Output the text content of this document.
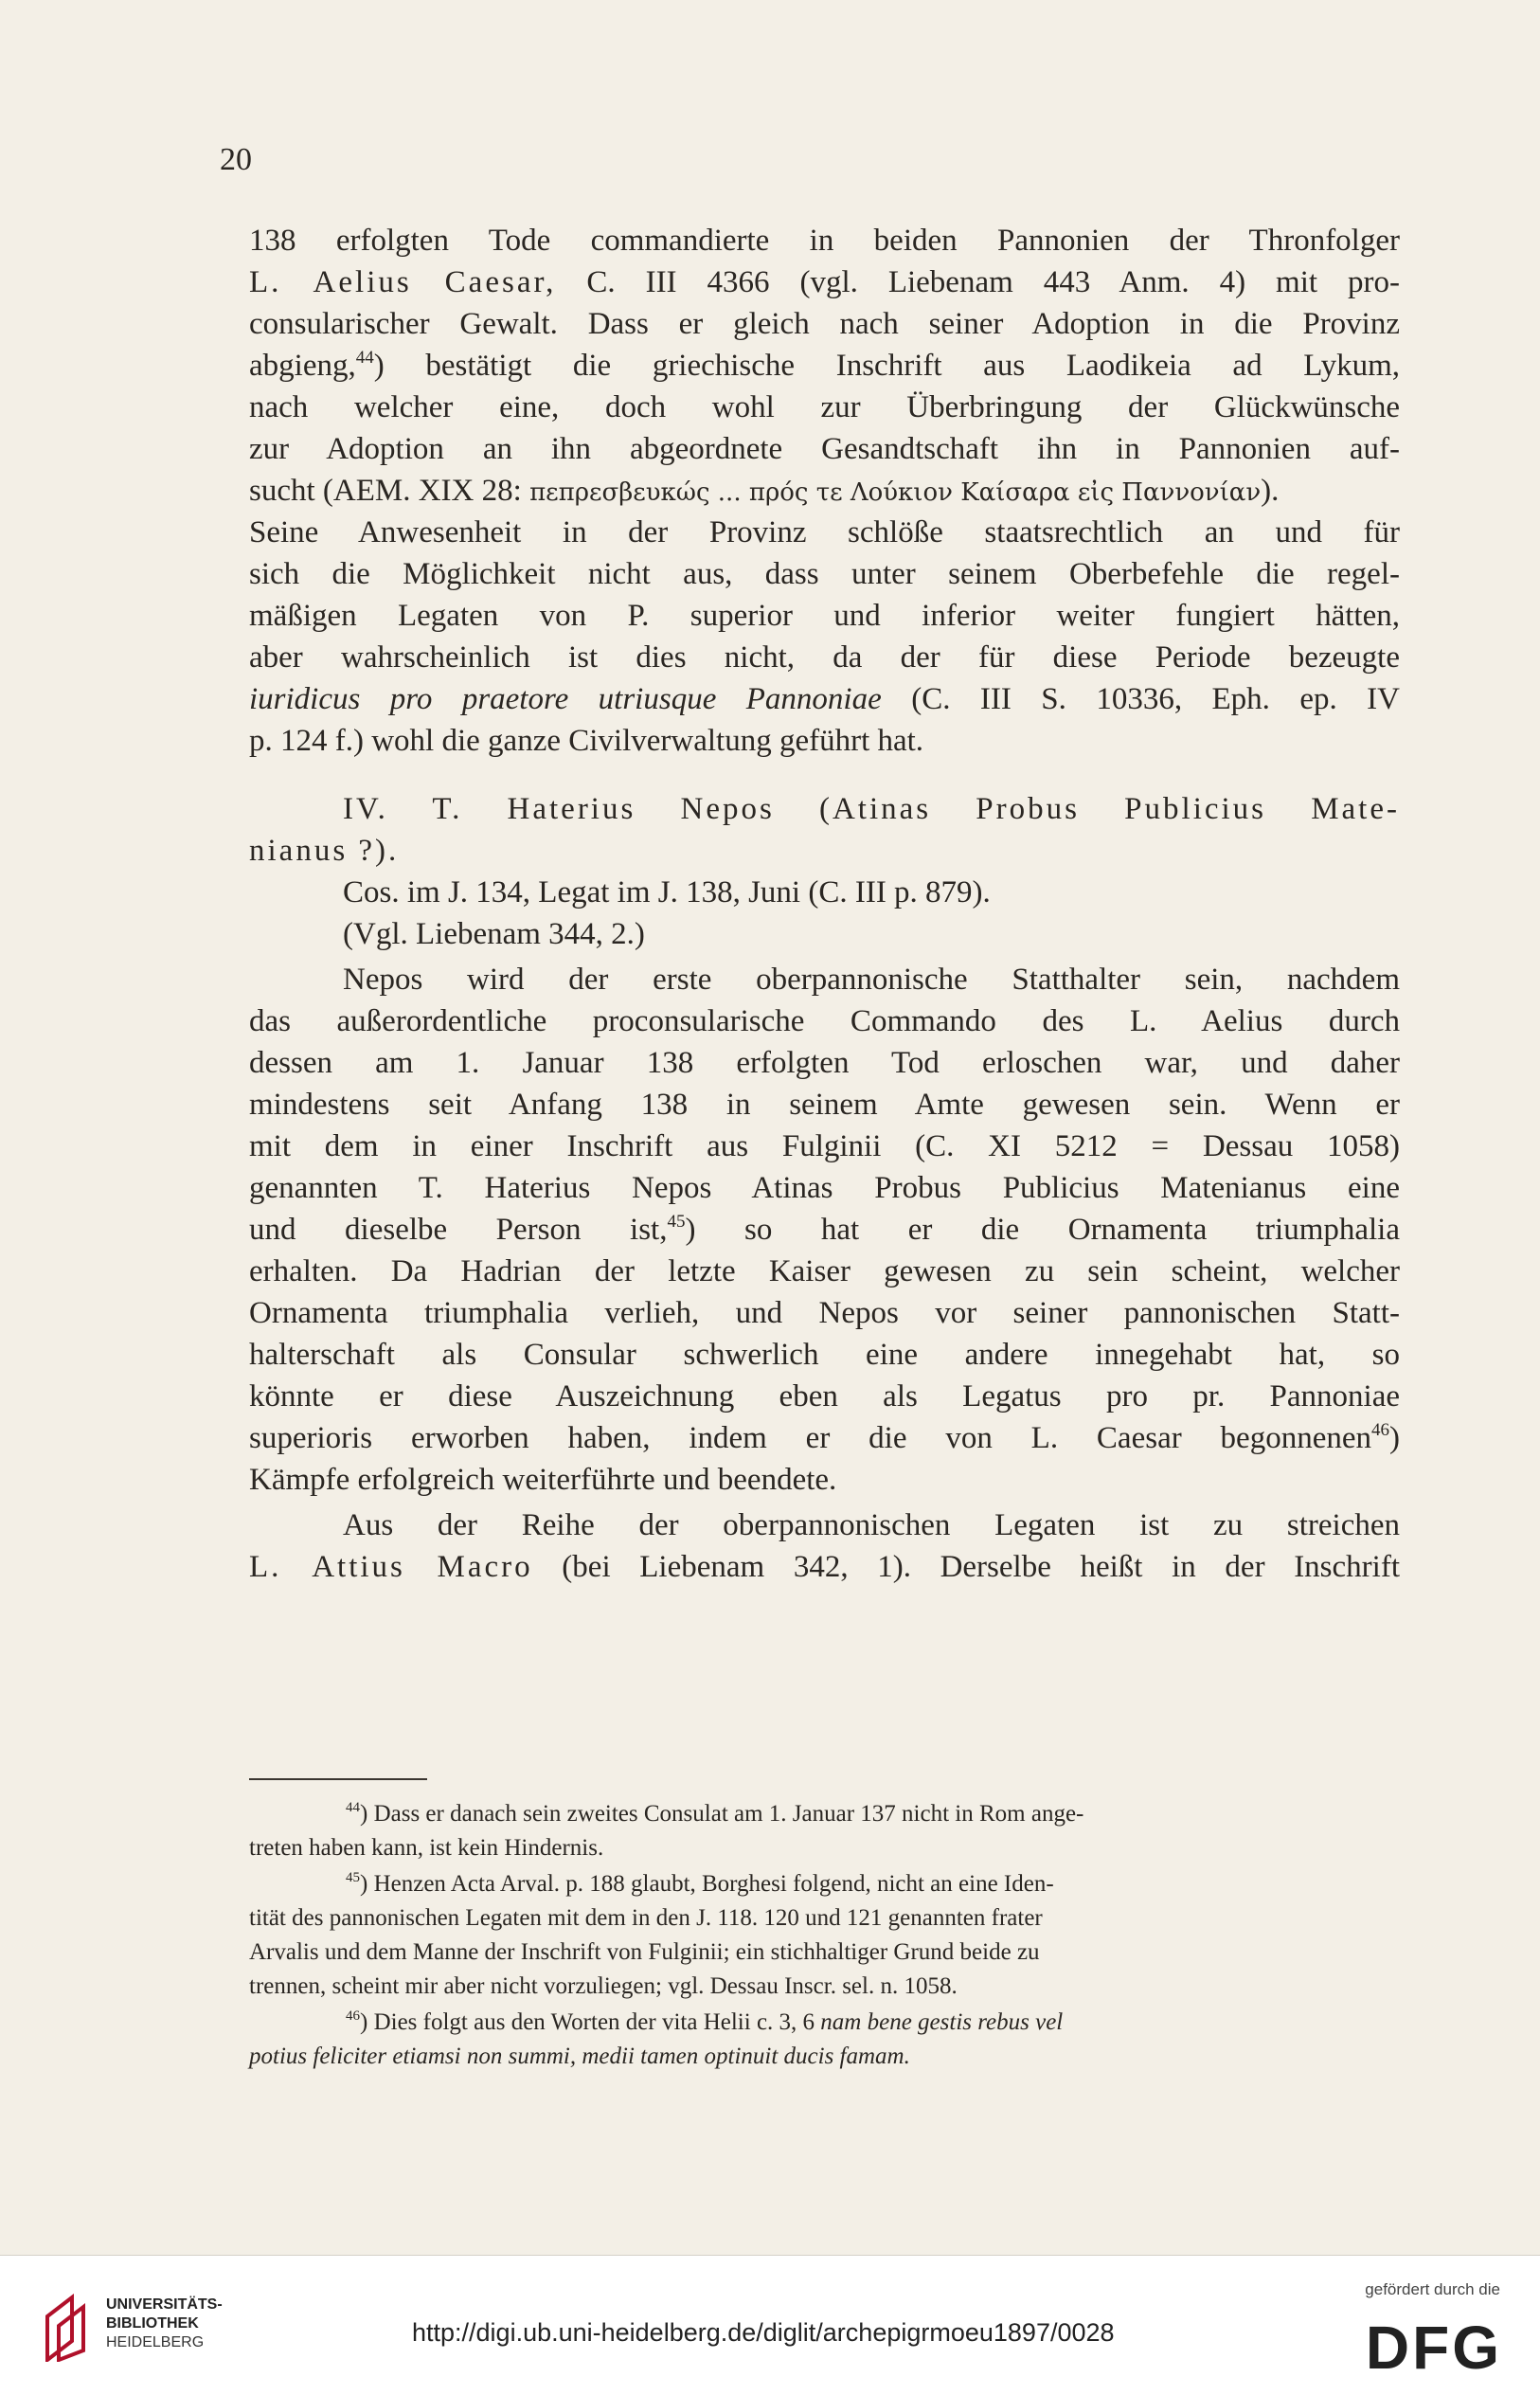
20
138 erfolgten Tode commandierte in beiden Pannonien der Thronfolger
L. Aelius Caesar, C. III 4366 (vgl. Liebenam 443 Anm. 4) mit pro-
consularischer Gewalt. Dass er gleich nach seiner Adoption in die Provinz
abgieng,$^{44}$) bestätigt die griechische Inschrift aus Laodikeia ad Lykum,
nach welcher eine, doch wohl zur Überbringung der Glückwünsche
zur Adoption an ihn abgeordnete Gesandtschaft ihn in Pannonien auf-
sucht (AEM. XIX 28: πεπρεσβευκώς ... πρός τε Λούκιον Καίσαρα εἰς Παννονίαν).
Seine Anwesenheit in der Provinz schlöße staatsrechtlich an und für
sich die Möglichkeit nicht aus, dass unter seinem Oberbefehle die regel-
mäßigen Legaten von P. superior und inferior weiter fungiert hätten,
aber wahrscheinlich ist dies nicht, da der für diese Periode bezeugte
iuridicus pro praetore utriusque Pannoniae (C. III S. 10336, Eph. ep. IV
p. 124 f.) wohl die ganze Civilverwaltung geführt hat.
IV. T. Haterius Nepos (Atinas Probus Publicius Mate-
nianus ?).
Cos. im J. 134, Legat im J. 138, Juni (C. III p. 879).
(Vgl. Liebenam 344, 2.)
Nepos wird der erste oberpannonische Statthalter sein, nachdem
das außerordentliche proconsularische Commando des L. Aelius durch
dessen am 1. Januar 138 erfolgten Tod erloschen war, und daher
mindestens seit Anfang 138 in seinem Amte gewesen sein. Wenn er
mit dem in einer Inschrift aus Fulginii (C. XI 5212 = Dessau 1058)
genannten T. Haterius Nepos Atinas Probus Publicius Matenianus eine
und dieselbe Person ist,$^{45}$) so hat er die Ornamenta triumphalia
erhalten. Da Hadrian der letzte Kaiser gewesen zu sein scheint, welcher
Ornamenta triumphalia verlieh, und Nepos vor seiner pannonischen Statt-
halterschaft als Consular schwerlich eine andere innegehabt hat, so
könnte er diese Auszeichnung eben als Legatus pro pr. Pannoniae
superioris erworben haben, indem er die von L. Caesar begonnenen$^{46}$)
Kämpfe erfolgreich weiterführte und beendete.
Aus der Reihe der oberpannonischen Legaten ist zu streichen
L. Attius Macro (bei Liebenam 342, 1). Derselbe heißt in der Inschrift
$^{44}$) Dass er danach sein zweites Consulat am 1. Januar 137 nicht in Rom ange-
treten haben kann, ist kein Hindernis.
$^{45}$) Henzen Acta Arval. p. 188 glaubt, Borghesi folgend, nicht an eine Iden-
tität des pannonischen Legaten mit dem in den J. 118. 120 und 121 genannten frater
Arvalis und dem Manne der Inschrift von Fulginii; ein stichhaltiger Grund beide zu
trennen, scheint mir aber nicht vorzuliegen; vgl. Dessau Inscr. sel. n. 1058.
$^{46}$) Dies folgt aus den Worten der vita Helii c. 3, 6 nam bene gestis rebus vel
potius feliciter etiamsi non summi, medii tamen optinuit ducis famam.
UNIVERSITÄTS-
BIBLIOTHEK
HEIDELBERG	http://digi.ub.uni-heidelberg.de/diglit/archepigrmoeu1897/0028
gefördert durch die
DFG
